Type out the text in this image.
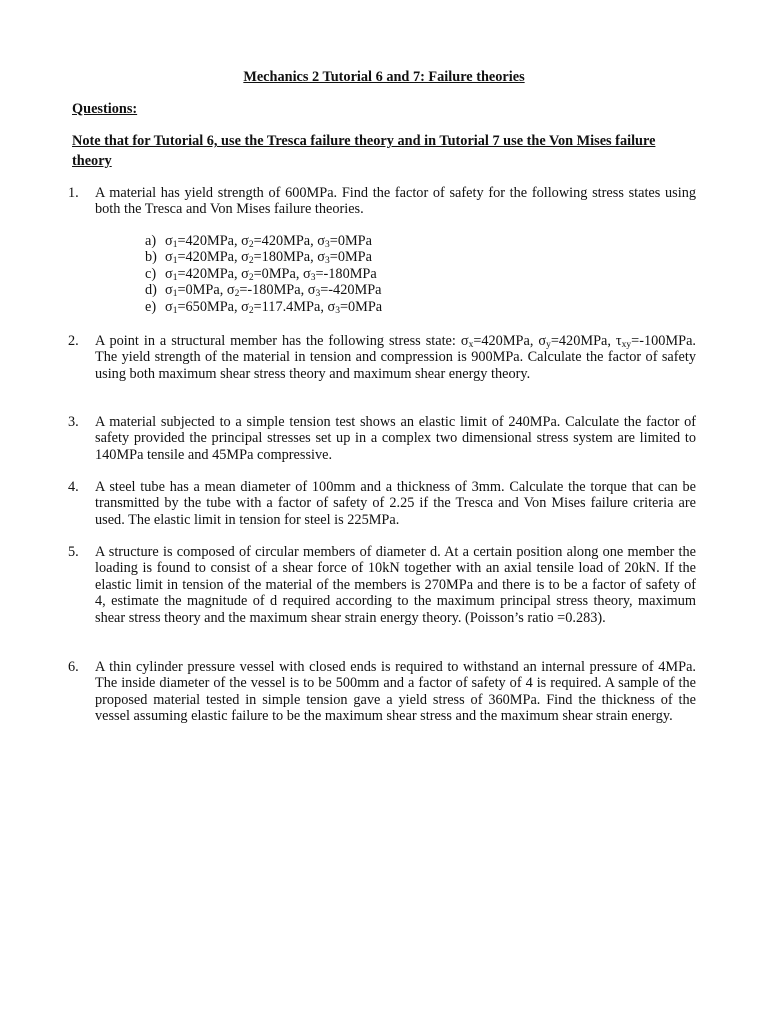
Mechanics 2 Tutorial 6 and 7: Failure theories
Questions:
Note that for Tutorial 6, use the Tresca failure theory and in Tutorial 7 use the Von Mises failure theory
1. A material has yield strength of 600MPa. Find the factor of safety for the following stress states using both the Tresca and Von Mises failure theories.
a) $\sigma_1=420MPa$, $\sigma_2=420MPa$, $\sigma_3=0MPa$
b) $\sigma_1=420MPa$, $\sigma_2=180MPa$, $\sigma_3=0MPa$
c) $\sigma_1=420MPa$, $\sigma_2=0MPa$, $\sigma_3=-180MPa$
d) $\sigma_1=0MPa$, $\sigma_2=-180MPa$, $\sigma_3=-420MPa$
e) $\sigma_1=650MPa$, $\sigma_2=117.4MPa$, $\sigma_3=0MPa$
2. A point in a structural member has the following stress state: $\sigma_x=420MPa$, $\sigma_y=420MPa$, $\tau_{xy}=-100MPa$. The yield strength of the material in tension and compression is 900MPa. Calculate the factor of safety using both maximum shear stress theory and maximum shear energy theory.
3. A material subjected to a simple tension test shows an elastic limit of 240MPa. Calculate the factor of safety provided the principal stresses set up in a complex two dimensional stress system are limited to 140MPa tensile and 45MPa compressive.
4. A steel tube has a mean diameter of 100mm and a thickness of 3mm. Calculate the torque that can be transmitted by the tube with a factor of safety of 2.25 if the Tresca and Von Mises failure criteria are used. The elastic limit in tension for steel is 225MPa.
5. A structure is composed of circular members of diameter d. At a certain position along one member the loading is found to consist of a shear force of 10kN together with an axial tensile load of 20kN. If the elastic limit in tension of the material of the members is 270MPa and there is to be a factor of safety of 4, estimate the magnitude of d required according to the maximum principal stress theory, maximum shear stress theory and the maximum shear strain energy theory. (Poisson’s ratio =0.283).
6. A thin cylinder pressure vessel with closed ends is required to withstand an internal pressure of 4MPa. The inside diameter of the vessel is to be 500mm and a factor of safety of 4 is required. A sample of the proposed material tested in simple tension gave a yield stress of 360MPa. Find the thickness of the vessel assuming elastic failure to be the maximum shear stress and the maximum shear strain energy.
